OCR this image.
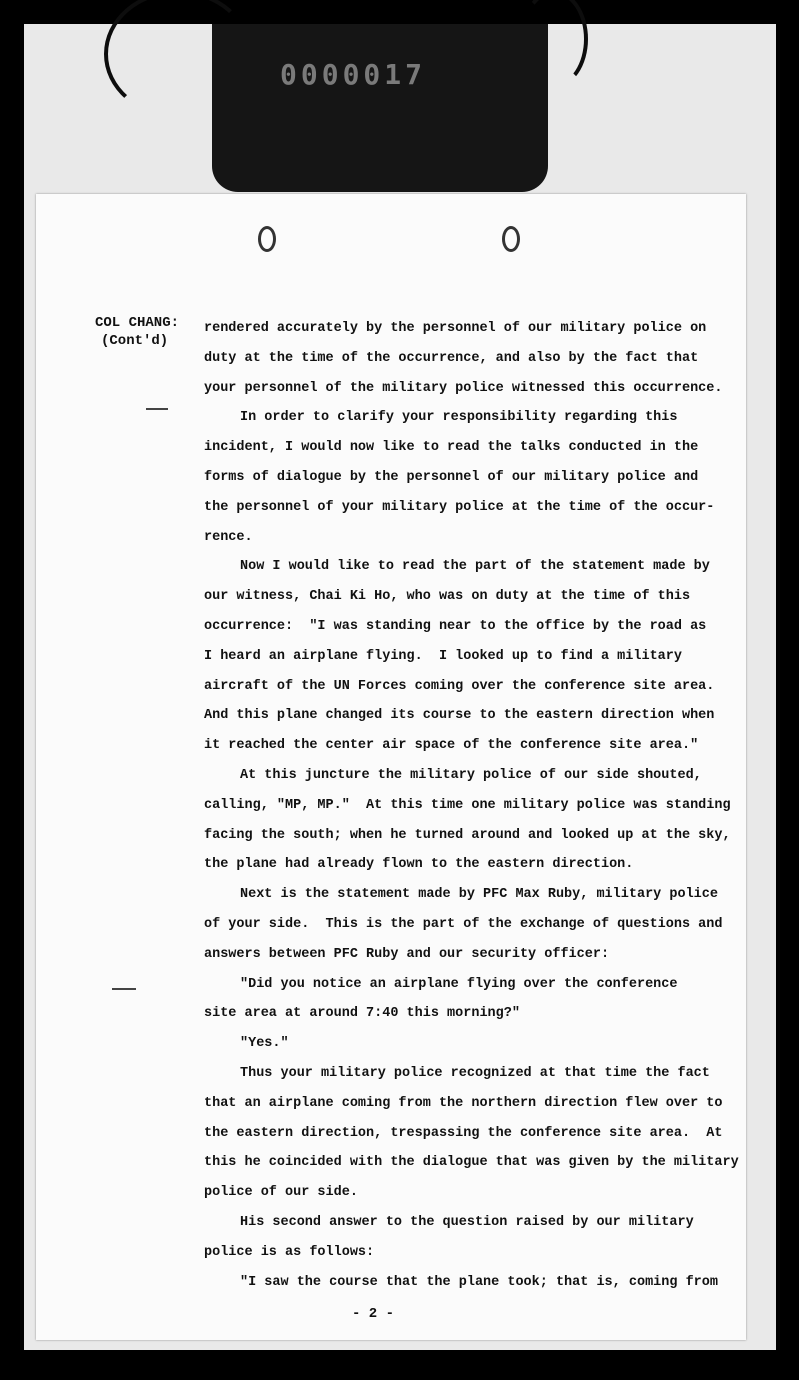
0000017
COL CHANG:
(Cont'd)
rendered accurately by the personnel of our military police on
duty at the time of the occurrence, and also by the fact that
your personnel of the military police witnessed this occurrence.
In order to clarify your responsibility regarding this
incident, I would now like to read the talks conducted in the
forms of dialogue by the personnel of our military police and
the personnel of your military police at the time of the occur-
rence.
Now I would like to read the part of the statement made by
our witness, Chai Ki Ho, who was on duty at the time of this
occurrence:  "I was standing near to the office by the road as
I heard an airplane flying.  I looked up to find a military
aircraft of the UN Forces coming over the conference site area.
And this plane changed its course to the eastern direction when
it reached the center air space of the conference site area."
At this juncture the military police of our side shouted,
calling, "MP, MP."  At this time one military police was standing
facing the south; when he turned around and looked up at the sky,
the plane had already flown to the eastern direction.
Next is the statement made by PFC Max Ruby, military police
of your side.  This is the part of the exchange of questions and
answers between PFC Ruby and our security officer:
"Did you notice an airplane flying over the conference
site area at around 7:40 this morning?"
"Yes."
Thus your military police recognized at that time the fact
that an airplane coming from the northern direction flew over to
the eastern direction, trespassing the conference site area.  At
this he coincided with the dialogue that was given by the military
police of our side.
His second answer to the question raised by our military
police is as follows:
"I saw the course that the plane took; that is, coming from
- 2 -
